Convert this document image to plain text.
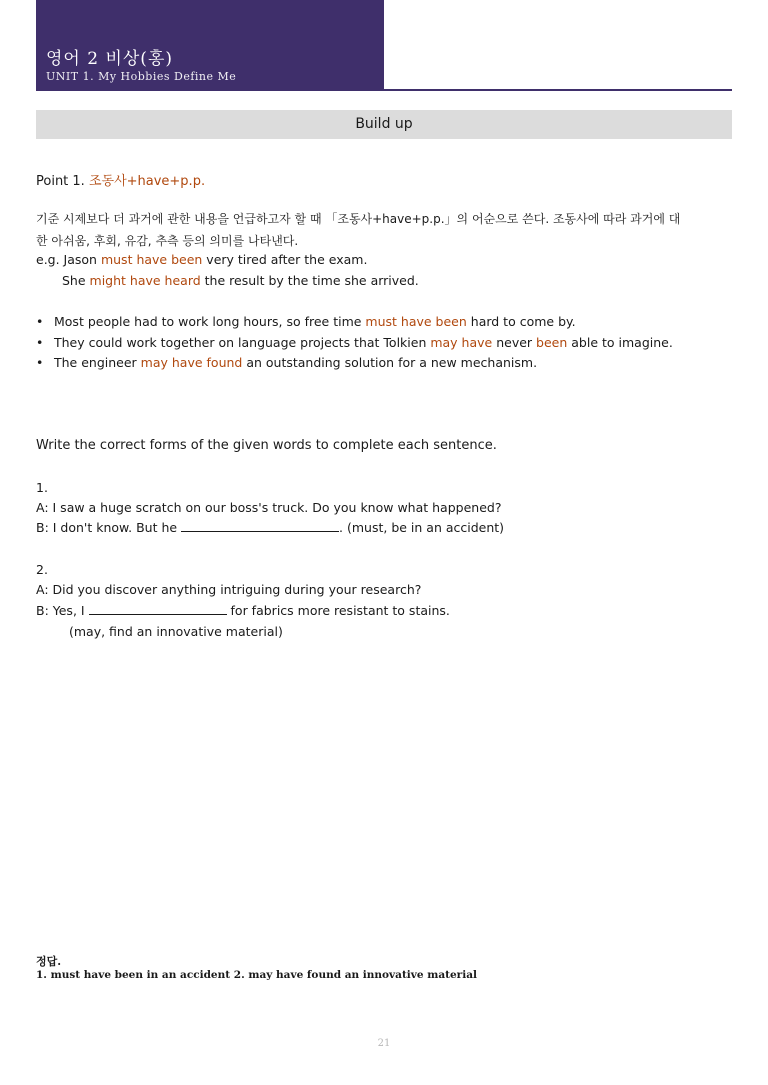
영어 2 비상(홍)
UNIT 1. My Hobbies Define Me
Build up
Point 1. 조동사+have+p.p.
기준 시제보다 더 과거에 관한 내용을 언급하고자 할 때 「조동사+have+p.p.」의 어순으로 쓴다. 조동사에 따라 과거에 대
한 아쉬움, 후회, 유감, 추측 등의 의미를 나타낸다.
e.g. Jason must have been very tired after the exam.
She might have heard the result by the time she arrived.
• Most people had to work long hours, so free time must have been hard to come by.
• They could work together on language projects that Tolkien may have never been able to imagine.
• The engineer may have found an outstanding solution for a new mechanism.
Write the correct forms of the given words to complete each sentence.
1.
A: I saw a huge scratch on our boss's truck. Do you know what happened?
B: I don't know. But he	. (must, be in an accident)
2.
A: Did you discover anything intriguing during your research?
B: Yes, I	for fabrics more resistant to stains.
(may, find an innovative material)
정답.
1. must have been in an accident 2. may have found an innovative material
21
